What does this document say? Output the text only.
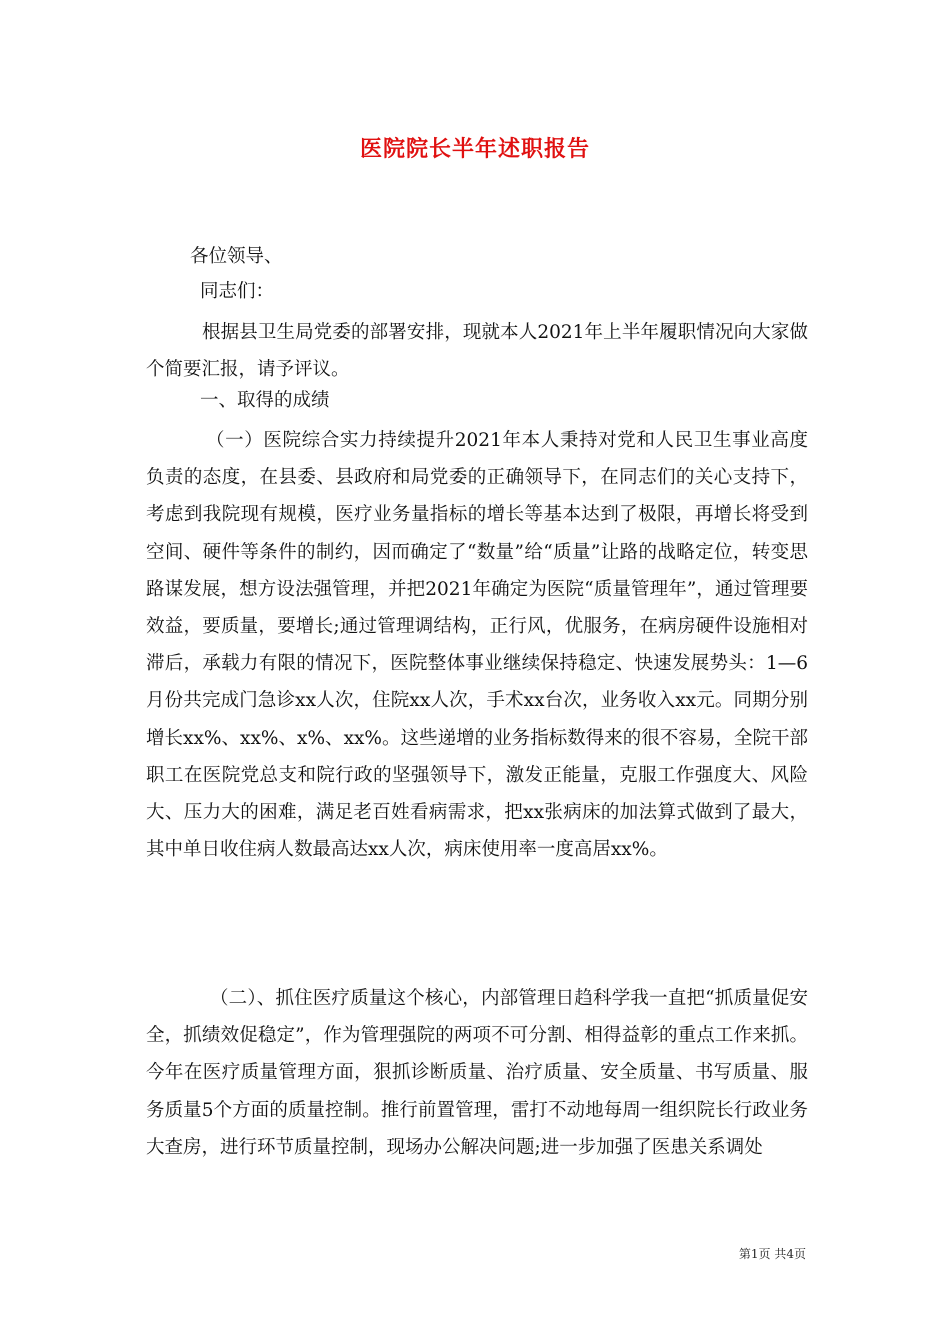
医院院长半年述职报告
各位领导、
同志们：
根据县卫生局党委的部署安排，现就本人2021年上半年履职情况向大家做个简要汇报，请予评议。
一、取得的成绩
（一）医院综合实力持续提升2021年本人秉持对党和人民卫生事业高度负责的态度，在县委、县政府和局党委的正确领导下，在同志们的关心支持下，考虑到我院现有规模，医疗业务量指标的增长等基本达到了极限，再增长将受到空间、硬件等条件的制约，因而确定了“数量”给“质量”让路的战略定位，转变思路谋发展，想方设法强管理，并把2021年确定为医院“质量管理年”，通过管理要效益，要质量，要增长;通过管理调结构，正行风，优服务，在病房硬件设施相对滞后，承载力有限的情况下，医院整体事业继续保持稳定、快速发展势头：1—6月份共完成门急诊xx人次，住院xx人次，手术xx台次，业务收入xx元。同期分别增长xx%、xx%、x%、xx%。这些递增的业务指标数得来的很不容易，全院干部职工在医院党总支和院行政的坚强领导下，激发正能量，克服工作强度大、风险大、压力大的困难，满足老百姓看病需求，把xx张病床的加法算式做到了最大，其中单日收住病人数最高达xx人次，病床使用率一度高居xx%。
（二）、抓住医疗质量这个核心，内部管理日趋科学我一直把“抓质量促安全，抓绩效促稳定”，作为管理强院的两项不可分割、相得益彰的重点工作来抓。今年在医疗质量管理方面，狠抓诊断质量、治疗质量、安全质量、书写质量、服务质量5个方面的质量控制。推行前置管理，雷打不动地每周一组织院长行政业务大查房，进行环节质量控制，现场办公解决问题;进一步加强了医患关系调处
第1页 共4页
